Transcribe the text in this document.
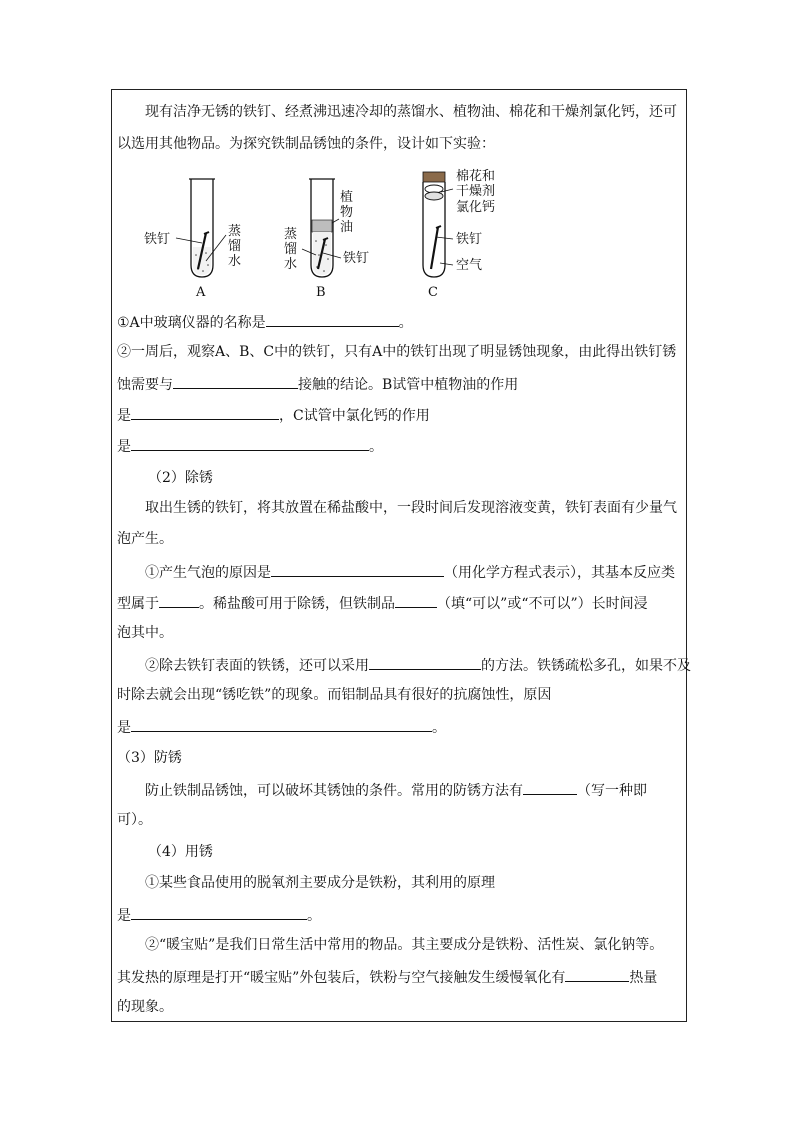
现有洁净无锈的铁钉、经煮沸迅速冷却的蒸馏水、植物油、棉花和干燥剂氯化钙，还可
以选用其他物品。为探究铁制品锈蚀的条件，设计如下实验：
铁钉
蒸
馏
水
A
植
物
油
蒸
馏
水	铁钉
B
棉花和
干燥剂
氯化钙
铁钉
空气
C
①A中玻璃仪器的名称是	。
②一周后，观察A、B、C中的铁钉，只有A中的铁钉出现了明显锈蚀现象，由此得出铁钉锈
蚀需要与	接触的结论。B试管中植物油的作用
是	，C试管中氯化钙的作用
是	。
（2）除锈
取出生锈的铁钉，将其放置在稀盐酸中，一段时间后发现溶液变黄，铁钉表面有少量气
泡产生。
①产生气泡的原因是	（用化学方程式表示），其基本反应类
型属于	。稀盐酸可用于除锈，但铁制品	（填“可以”或“不可以”）长时间浸
泡其中。
②除去铁钉表面的铁锈，还可以采用	的方法。铁锈疏松多孔，如果不及
时除去就会出现“锈吃铁”的现象。而铝制品具有很好的抗腐蚀性，原因
是	。
（3）防锈
防止铁制品锈蚀，可以破坏其锈蚀的条件。常用的防锈方法有	（写一种即
可）。
（4）用锈
①某些食品使用的脱氧剂主要成分是铁粉，其利用的原理
是	。
②“暖宝贴”是我们日常生活中常用的物品。其主要成分是铁粉、活性炭、氯化钠等。
其发热的原理是打开“暖宝贴”外包装后，铁粉与空气接触发生缓慢氧化有	热量
的现象。
